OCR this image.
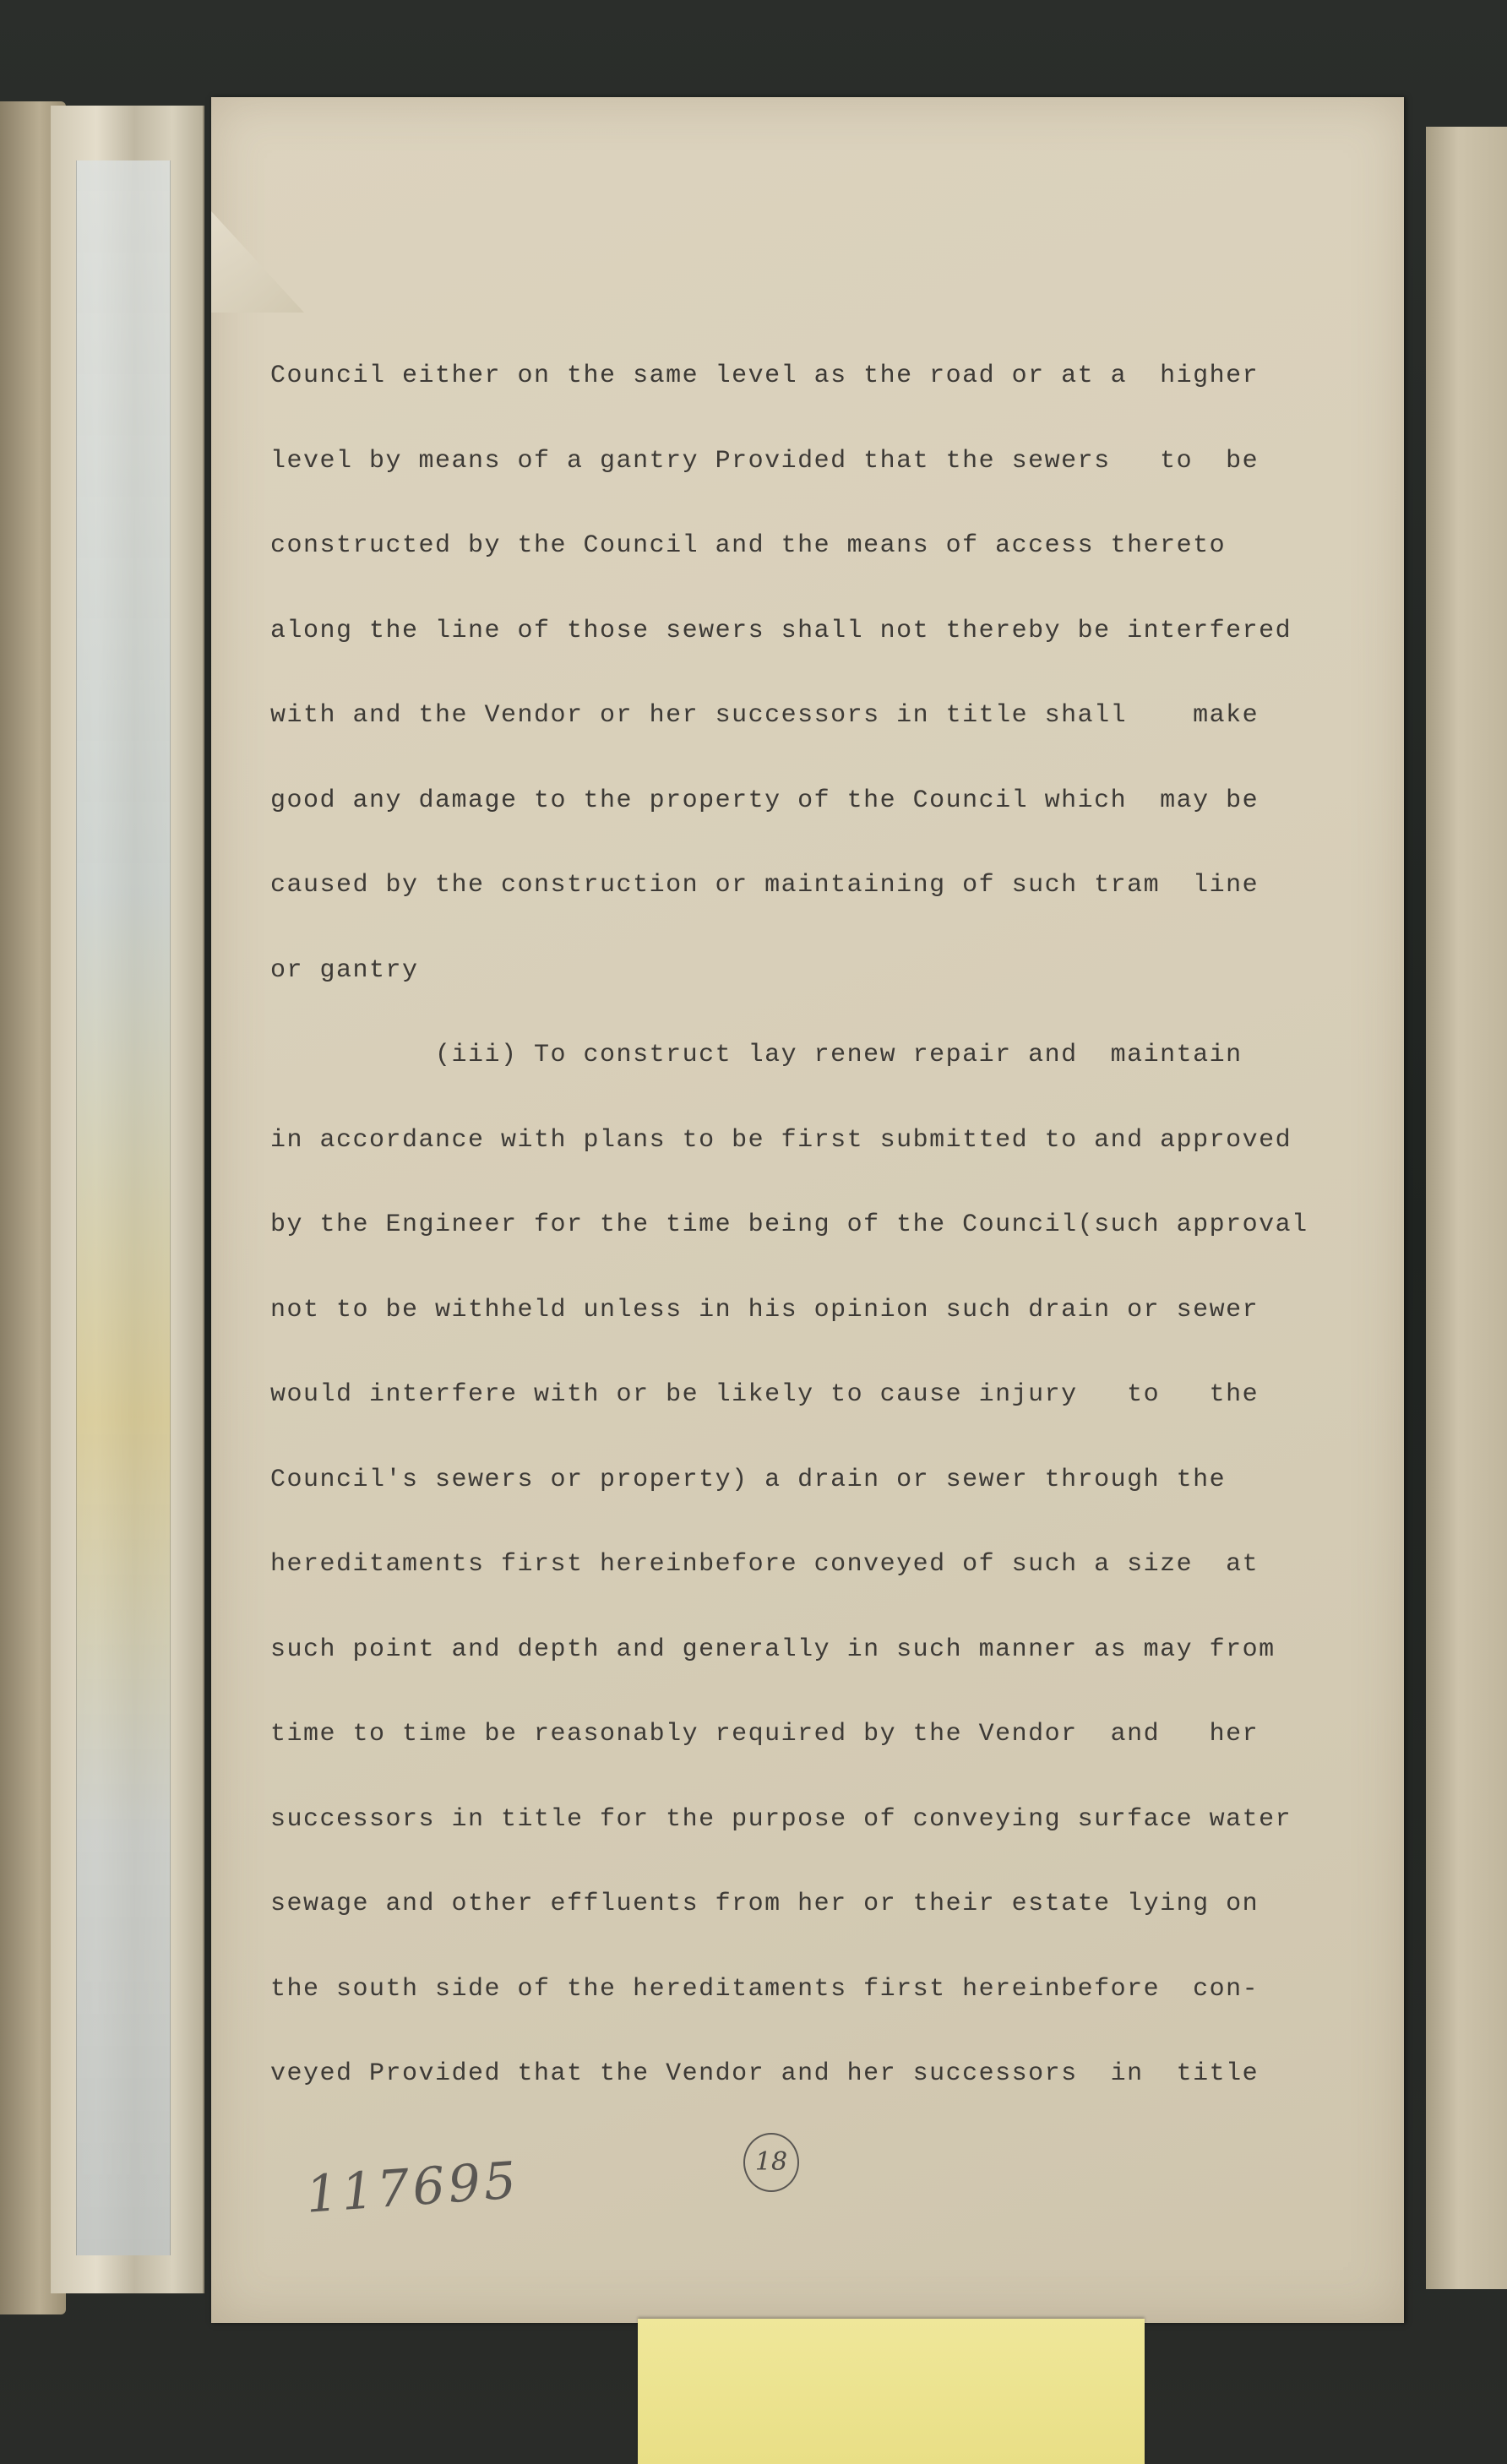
Council either on the same level as the road or at a  higher
level by means of a gantry Provided that the sewers   to  be
constructed by the Council and the means of access thereto
along the line of those sewers shall not thereby be interfered
with and the Vendor or her successors in title shall    make
good any damage to the property of the Council which  may be
caused by the construction or maintaining of such tram  line
or gantry
(iii) To construct lay renew repair and  maintain
in accordance with plans to be first submitted to and approved
by the Engineer for the time being of the Council(such approval
not to be withheld unless in his opinion such drain or sewer
would interfere with or be likely to cause injury   to   the
Council's sewers or property) a drain or sewer through the
hereditaments first hereinbefore conveyed of such a size  at
such point and depth and generally in such manner as may from
time to time be reasonably required by the Vendor  and   her
successors in title for the purpose of conveying surface water
sewage and other effluents from her or their estate lying on
the south side of the hereditaments first hereinbefore  con-
veyed Provided that the Vendor and her successors  in  title
117695	18
